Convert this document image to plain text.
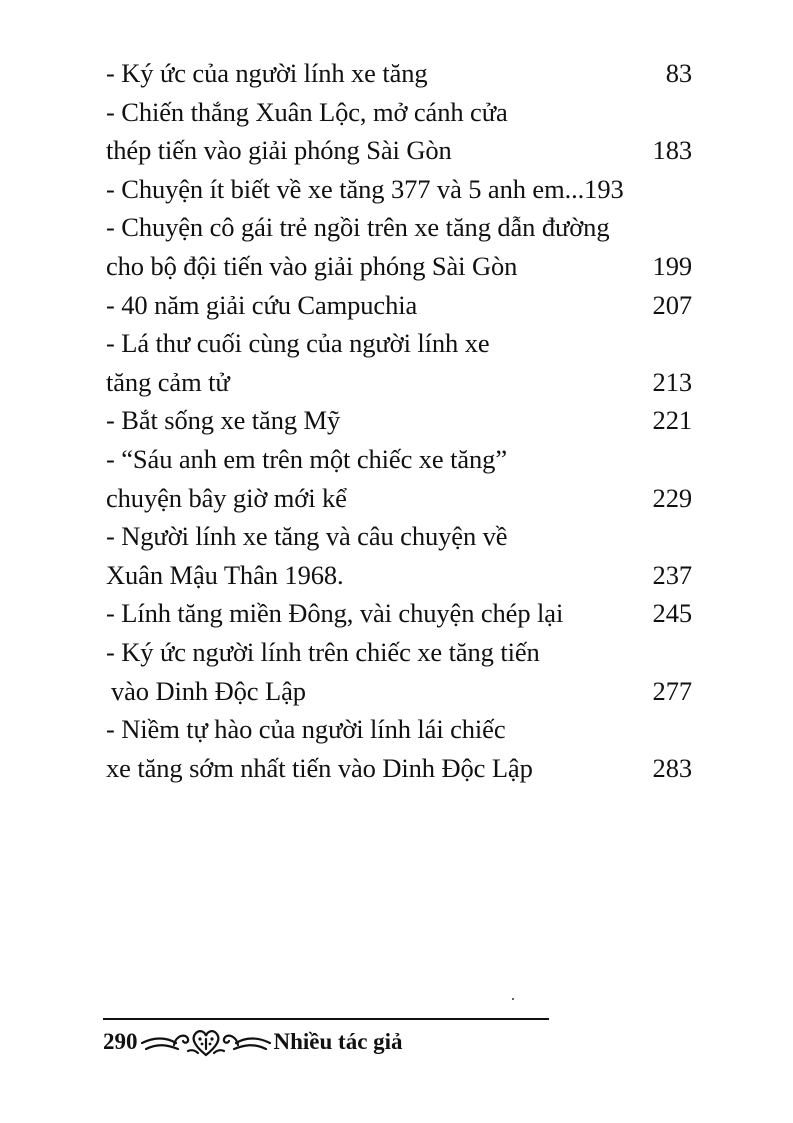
- Ký ức của người lính xe tăng	83
- Chiến thắng Xuân Lộc, mở cánh cửa
thép tiến vào giải phóng Sài Gòn	183
- Chuyện ít biết về xe tăng 377 và 5 anh em...193
- Chuyện cô gái trẻ ngồi trên xe tăng dẫn đường
cho bộ đội tiến vào giải phóng Sài Gòn	199
- 40 năm giải cứu Campuchia	207
- Lá thư cuối cùng của người lính xe
tăng cảm tử	213
- Bắt sống xe tăng Mỹ	221
- “Sáu anh em trên một chiếc xe tăng”
chuyện bây giờ mới kể	229
- Người lính xe tăng và câu chuyện về
Xuân Mậu Thân 1968.	237
- Lính tăng miền Đông, vài chuyện chép lại	245
- Ký ức người lính trên chiếc xe tăng tiến
vào Dinh Độc Lập	277
- Niềm tự hào của người lính lái chiếc
xe tăng sớm nhất tiến vào Dinh Độc Lập	283
290	Nhiều tác giả
